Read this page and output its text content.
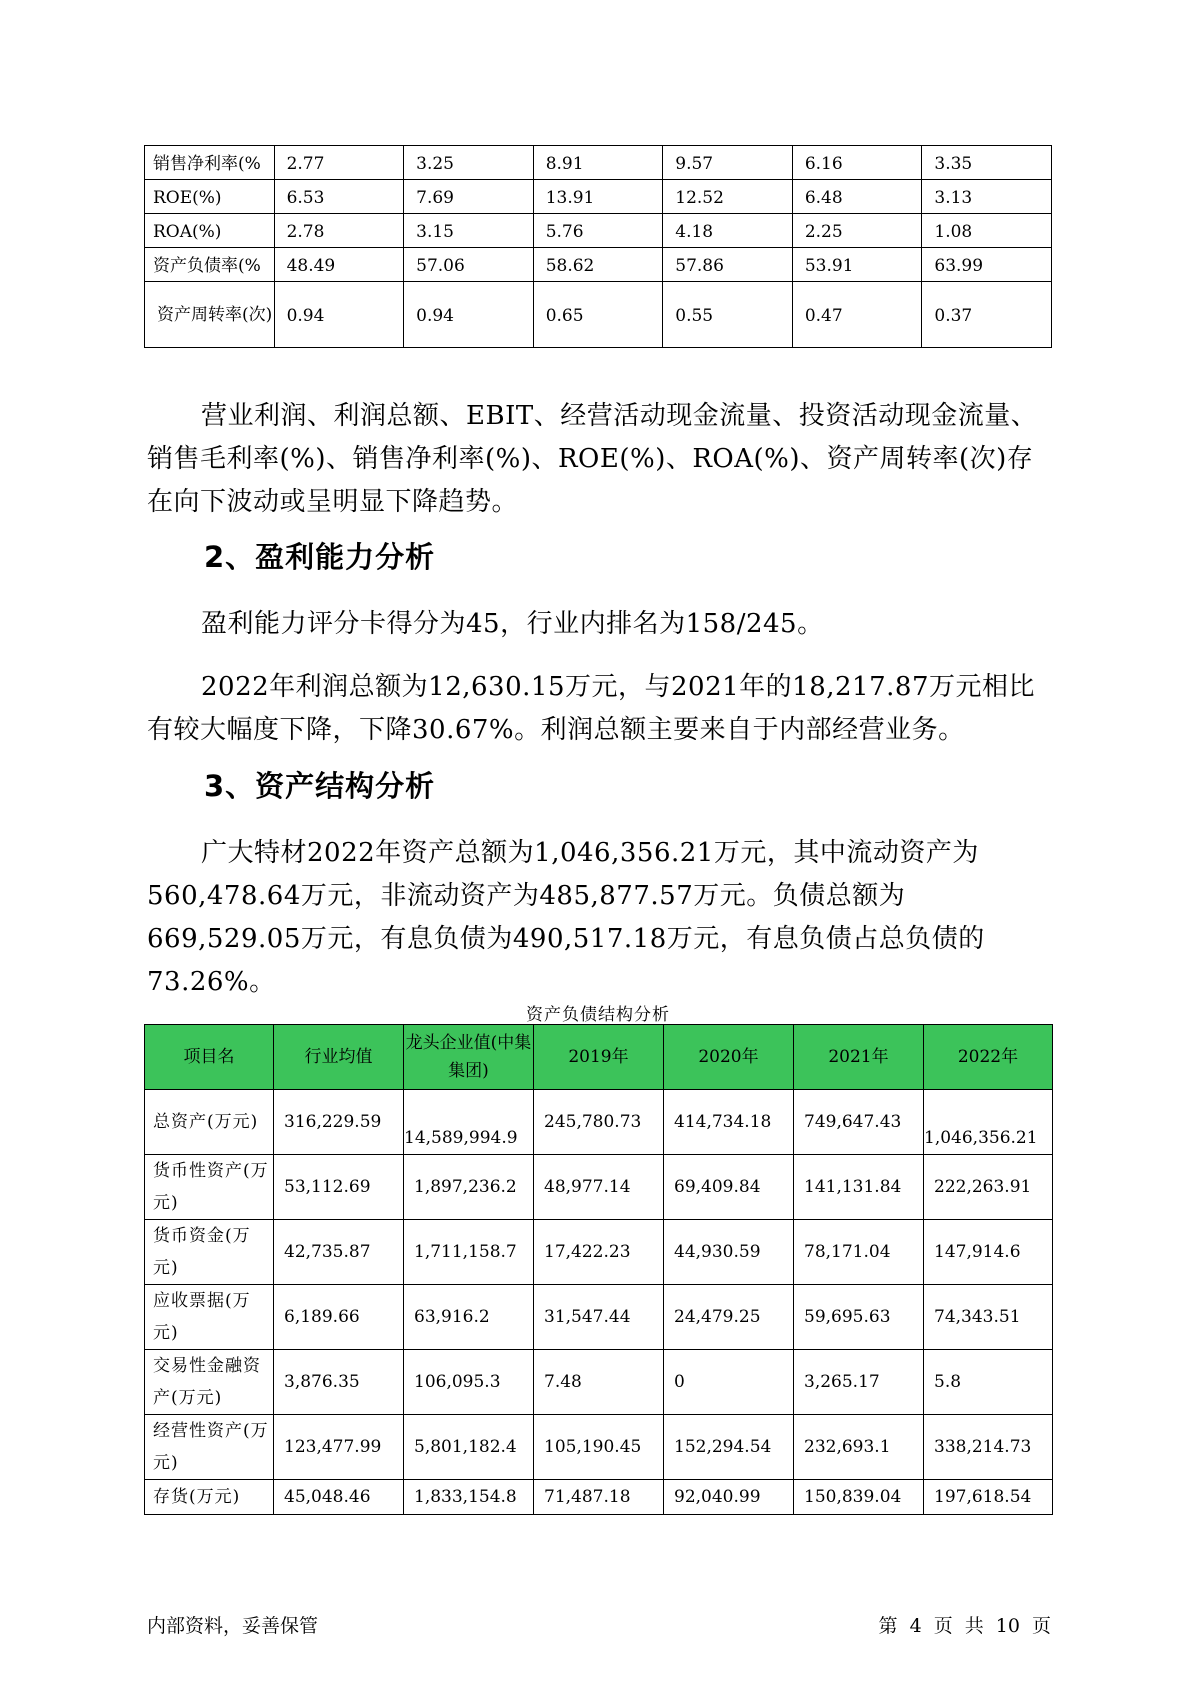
销售净利率(%	2.77	3.25	8.91	9.57	6.16	3.35
ROE(%)	6.53	7.69	13.91	12.52	6.48	3.13
ROA(%)	2.78	3.15	5.76	4.18	2.25	1.08
资产负债率(%	48.49	57.06	58.62	57.86	53.91	63.99
资产周转率(次)	0.94	0.94	0.65	0.55	0.47	0.37

营业利润、利润总额、EBIT、经营活动现金流量、投资活动现金流量、销售毛利率(%)、销售净利率(%)、ROE(%)、ROA(%)、资产周转率(次)存在向下波动或呈明显下降趋势。

2、盈利能力分析

盈利能力评分卡得分为45，行业内排名为158/245。

2022年利润总额为12,630.15万元，与2021年的18,217.87万元相比有较大幅度下降，下降30.67%。利润总额主要来自于内部经营业务。

3、资产结构分析

广大特材2022年资产总额为1,046,356.21万元，其中流动资产为560,478.64万元，非流动资产为485,877.57万元。负债总额为669,529.05万元，有息负债为490,517.18万元，有息负债占总负债的73.26%。

资产负债结构分析
项目名	行业均值	龙头企业值(中集集团)	2019年	2020年	2021年	2022年
总资产(万元)	316,229.59	14,589,994.9	245,780.73	414,734.18	749,647.43	1,046,356.21
货币性资产(万元)	53,112.69	1,897,236.2	48,977.14	69,409.84	141,131.84	222,263.91
货币资金(万元)	42,735.87	1,711,158.7	17,422.23	44,930.59	78,171.04	147,914.6
应收票据(万元)	6,189.66	63,916.2	31,547.44	24,479.25	59,695.63	74,343.51
交易性金融资产(万元)	3,876.35	106,095.3	7.48	0	3,265.17	5.8
经营性资产(万元)	123,477.99	5,801,182.4	105,190.45	152,294.54	232,693.1	338,214.73
存货(万元)	45,048.46	1,833,154.8	71,487.18	92,040.99	150,839.04	197,618.54
内部资料，妥善保管	第 4 页 共 10 页
